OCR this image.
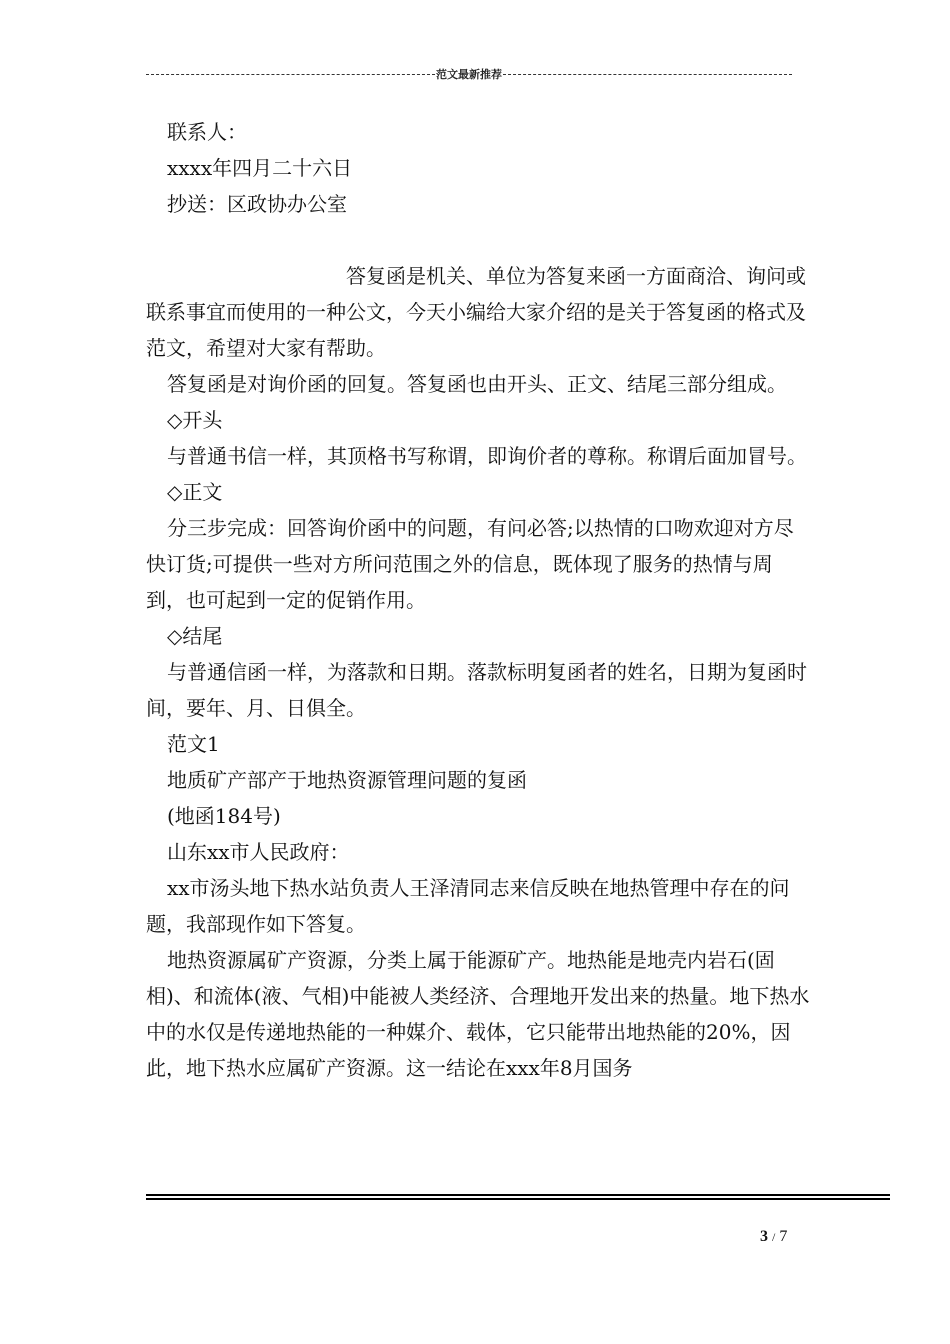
范文最新推荐

联系人：

xxxx年四月二十六日

抄送：区政协办公室

答复函是机关、单位为答复来函一方面商洽、询问或联系事宜而使用的一种公文，今天小编给大家介绍的是关于答复函的格式及范文，希望对大家有帮助。

答复函是对询价函的回复。答复函也由开头、正文、结尾三部分组成。

◇开头

与普通书信一样，其顶格书写称谓，即询价者的尊称。称谓后面加冒号。

◇正文

分三步完成：回答询价函中的问题，有问必答;以热情的口吻欢迎对方尽快订货;可提供一些对方所问范围之外的信息，既体现了服务的热情与周到，也可起到一定的促销作用。

◇结尾

与普通信函一样，为落款和日期。落款标明复函者的姓名，日期为复函时间，要年、月、日俱全。

范文1

地质矿产部产于地热资源管理问题的复函

(地函184号)

山东xx市人民政府：

xx市汤头地下热水站负责人王泽清同志来信反映在地热管理中存在的问题，我部现作如下答复。

地热资源属矿产资源，分类上属于能源矿产。地热能是地壳内岩石(固相)、和流体(液、气相)中能被人类经济、合理地开发出来的热量。地下热水中的水仅是传递地热能的一种媒介、载体，它只能带出地热能的20%，因此，地下热水应属矿产资源。这一结论在xxx年8月国务

3 / 7
